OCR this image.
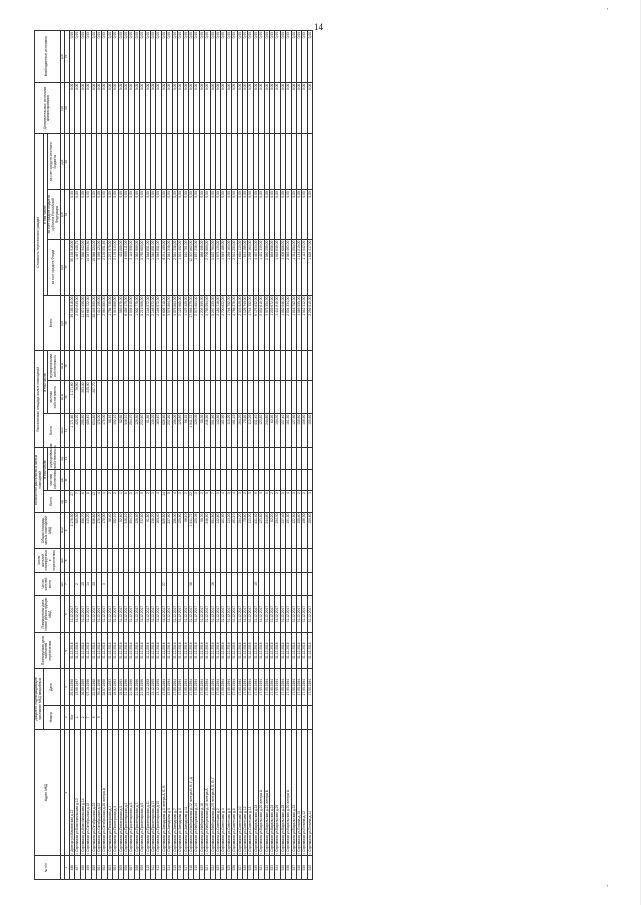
'
'
14
№ п/п	Адрес МКД	Документ, подтверждающий признание МКД аварийным		Планируемая дата окончания переселения	Планируемая дата сноса/ реконструкции МКД	Число жителей всего	Число жителей планируемых к переселению	Общая площадь жилых помещений МКД	Количество расселяемых жилых помещений			Расселяемая площадь жилых помещений			Стоимость переселения граждан				Дополнительные источники финансирования	Внебюджетные источники
		Номер	Дата						Всего	в том числе:		Всего	в том числе:		Всего	в том числе:				
										частная собственность	муниципальная собственность		частная собственность	муниципальная собственность		за счет средств Фонда	за счет средств бюджета субъекта Российской Федерации	за счет средств местного бюджета		
						чел.	чел.	кв.м	ед.	ед.	ед.	кв.м	кв.м	кв.м	руб.	руб.	руб.	руб.	руб.	руб.
1	2	3	4	5	6	7	8	9	10	11	12	13	14	15	16	17	18	19	20	21
496	г. Донецк ул.Маяковская д.12	б/н	20.04.1998	31.12.2016	31.12.2017			2 176,50	27			1 171,60	1 171,60		36 155 916,00	36 155 916,00	0,00		0,00	0,00
497	г. Сортавала ул.Комсомольская д.10	1	13.08.1997	31.12.2016	31.12.2017	2		380,50	7			425,20	76,00		2 033 830,00	1 467 445,75	0,00		0,00	0,00
498	г. Сортавала ул.Комсомольская д.14	2	16.09.1999	31.12.2016	31.12.2017	10		358,70	6			298,80	263,40		11 072 356,00	7 988 942,00	0,00		0,00	0,00
499	г. Сортавала ул.Октябрьская д.18	7	07.10.1996	31.12.2016	31.12.2017	14		413,20	8			459,40	220,00		19 663 722,00	14 347 854,50	0,00		0,00	0,00
500	г. Сортавала ул.Октябрьская д.20	5	22.09.1998	31.12.2016	31.12.2017	40		636,80	12			634,80	287,70		26 448 990,00	19 086 224,00	0,00		0,00	0,00
501	г. Сортавала ул.Октябрьская д.22	9	30.11.1996	31.12.2016	31.12.2017			178,00	4			178,00			7 412 106,00	5 355 124,00	0,00		0,00	0,00
502	г. Сортавала ул.Октябрьская д.26 литера А		28.07.1998	31.12.2016	31.12.2017	3		178,00	4			178,00			2 963 883,00	2 139 001,95	0,00		0,00	0,00
503	г. Сортавала ул.Пионерская д.1		15.02.1993	31.12.2016	31.12.2017			98,40	2			98,40			1 758 738,00	1 271 978,00	0,00		0,00	0,00
504	г. Сортавала ул.Пионерская д.3		15.02.1993	31.12.2016	31.12.2017			102,10	2			102,10			3 015 886,00	2 176 513,00	0,00		0,00	0,00
505	г. Сортавала ул.Пионерская д.5		15.02.1993	31.12.2016	31.12.2017			52,60	1			52,60			585 978,00	422 888,00	0,00		0,00	0,00
506	г. Сортавала ул.Пролетарская д.3		21.06.1996	31.12.2016	31.12.2017			346,10	6			346,10			6 458 175,00	4 659 111,00	0,00		0,00	0,00
507	г. Сортавала ул.Пролетарская д.5		21.06.1996	31.12.2016	31.12.2017			254,70	5			254,70			2 936 818,00	2 119 508,00	0,00		0,00	0,00
508	г. Сортавала ул.Пролетарская д.7		21.06.1996	31.12.2016	31.12.2017			128,50	3			128,50			1 502 778,00	1 083 999,00	0,00		0,00	0,00
509	г. Сортавала ул.Пролетарская д.9		21.06.1996	31.12.2016	31.12.2017			232,60	5			232,60			5 219 086,00	3 765 680,00	0,00		0,00	0,00
510	г. Сортавала ул.Пролетарская д.11		13.12.1995	31.12.2016	31.12.2017			91,80	2			91,80			2 146 572,00	1 548 851,00	0,00		0,00	0,00
511	г. Сортавала ул.Пролетарская д.13		13.12.1995	31.12.2016	31.12.2017			138,20	3			138,20			2 146 572,00	1 548 851,00	0,00		0,00	0,00
512	г. Сортавала ул.Пролетарская д.15		13.12.1995	31.12.2016	31.12.2017			160,40	4			160,40			2 146 572,00	1 548 851,00	0,00		0,00	0,00
513	г. Сортавала ул.Заводская д.3 литера А, Б, В		17.05.1994	31.12.2016	31.12.2017	27		526,50	14			526,50			8 606 718,00	6 211 190,00	0,00		0,00	0,00
514	г. Сортавала ул.Заводская д.5		17.05.1994	31.12.2016	31.12.2017			237,80	5			237,80			3 576 864,00	2 581 338,00	0,00		0,00	0,00
515	г. Сортавала ул.Заводская д.7		17.05.1994	31.12.2016	31.12.2017			196,00	4			196,00			3 576 864,00	2 581 338,00	0,00		0,00	0,00
516	г. Сортавала ул.Заводская д.9		17.05.1994	31.12.2016	31.12.2017			125,80	3			125,80			2 122 088,00	1 531 402,00	0,00		0,00	0,00
517	г. Сортавала ул.Заводская д.11		17.05.1994	31.12.2016	31.12.2017			96,10	2			96,10			1 123 420,00	810 781,00	0,00		0,00	0,00
518	г. Сортавала ул.Набережная д.12 литера Б, В, Г, Д		17.05.1994	31.12.2016	31.12.2017	38		1 041,72	22			1 041,72			17 058 270,00	12 307 862,00	0,00		0,00	0,00
519	г. Сортавала ул.Набережная д.14		17.05.1994	31.12.2016	31.12.2017			125,05	3			125,05			2 573 484,00	1 857 238,00	0,00		0,00	0,00
520	г. Сортавала ул.Набережная д.16		17.05.1994	31.12.2016	31.12.2017			98,30	2			98,30			1 203 390,00	868 496,00	0,00		0,00	0,00
521	г. Сортавала ул.Набережная д.18 литера А		17.05.1994	31.12.2016	31.12.2017			246,90	5			246,90			3 755 004,00	2 709 980,00	0,00		0,00	0,00
522	г. Сортавала ул.Набережная д.20 литера А, Б, В, Г		17.05.1994	31.12.2016	31.12.2017	16		351,80	7			351,80			5 297 220,00	3 822 784,00	0,00		0,00	0,00
523	г. Сортавала ул.Советская д.2		17.05.1994	31.12.2016	31.12.2017			142,80	3			142,80			2 182 716,00	1 575 133,00	0,00		0,00	0,00
524	г. Сортавала ул.Советская д.4		17.05.1994	31.12.2016	31.12.2017			181,90	4			181,90			2 700 822,00	1 949 186,00	0,00		0,00	0,00
525	г. Сортавала ул.Советская д.6		17.05.1994	31.12.2016	31.12.2017			113,20	3			113,20			1 744 752,00	1 259 164,00	0,00		0,00	0,00
526	г. Сортавала ул.Советская д.8		17.05.1994	31.12.2016	31.12.2017			191,10	4			191,10			2 788 278,00	2 012 253,00	0,00		0,00	0,00
527	г. Сортавала ул.Советская д.10		17.05.1994	31.12.2016	31.12.2017			154,20	3			154,20			2 333 520,00	1 684 113,00	0,00		0,00	0,00
528	г. Сортавала ул.Советская д.12		17.05.1994	31.12.2016	31.12.2017			79,80	2			79,80			1 126 740,00	813 159,00	0,00		0,00	0,00
529	г. Сортавала ул.Советская д.14		17.05.1994	31.12.2016	31.12.2017			113,20	3			113,20			1 744 752,00	1 259 164,00	0,00		0,00	0,00
530	г. Сортавала ул.Карельская д.18		17.05.1994	31.12.2016	31.12.2017	19		431,40	9			431,40			6 176 832,00	4 457 634,00	0,00		0,00	0,00
531	г. Сортавала ул.Карельская д.20 литера А		17.05.1994	31.12.2016	31.12.2017			123,80	3			123,80			2 052 618,00	1 481 330,00	0,00		0,00	0,00
532	г. Сортавала ул.Карельская д.22 литера Б		17.05.1994	31.12.2016	31.12.2017			244,60	5			244,60			3 575 304,00	2 580 209,00	0,00		0,00	0,00
533	г. Сортавала ул.Карельская д.24		17.05.1994	31.12.2016	31.12.2017			82,20	2			82,20			1 239 672,00	894 658,00	0,00		0,00	0,00
534	г. Сортавала ул.Карельская д.26		17.05.1994	31.12.2016	31.12.2017			104,30	2			104,30			1 411 818,00	1 018 839,00	0,00		0,00	0,00
535	г. Сортавала ул.Карельская д.28		17.05.1994	31.12.2016	31.12.2017			137,40	3			137,40			1 952 046,00	1 408 686,00	0,00		0,00	0,00
536	г. Сортавала ул.Карельская д.30 литера А		17.05.1994	31.12.2016	31.12.2017			191,50	4			191,50			2 834 334,00	2 045 463,00	0,00		0,00	0,00
537	г. Сортавала ул.Карельская д.32		17.05.1994	31.12.2016	31.12.2017			127,50	3			127,50			1 816 752,00	1 311 054,00	0,00		0,00	0,00
538	г. Сортавала ул.Ленина д.10		17.05.1994	31.12.2016	31.12.2017			105,60	2			105,60			1 585 530,00	1 144 210,00	0,00		0,00	0,00
539	г. Сортавала ул.Ленина д.12		17.05.1994	31.12.2016	31.12.2017			106,90	2			106,90			1 542 312,00	1 113 042,00	0,00		0,00	0,00
540	г. Сортавала ул.Ленина д.14		17.05.1994	31.12.2016	31.12.2017			159,60	3			159,60			2 256 510,00	1 628 417,00	0,00		0,00	0,00
